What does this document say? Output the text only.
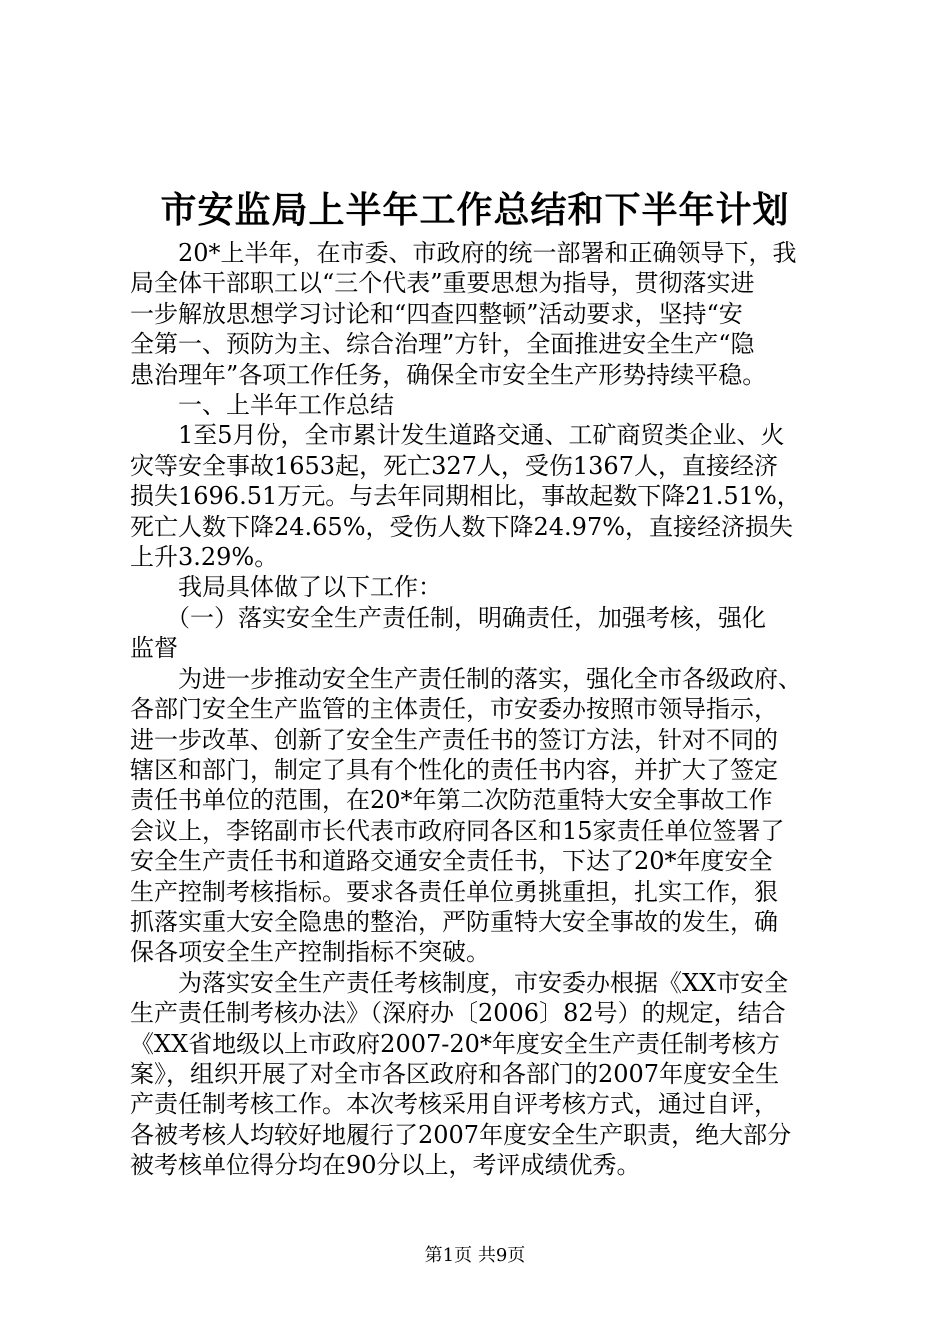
市安监局上半年工作总结和下半年计划

　　20*上半年，在市委、市政府的统一部署和正确领导下，我
局全体干部职工以“三个代表”重要思想为指导，贯彻落实进
一步解放思想学习讨论和“四查四整顿”活动要求，坚持“安
全第一、预防为主、综合治理”方针，全面推进安全生产“隐
患治理年”各项工作任务，确保全市安全生产形势持续平稳。
　　一、上半年工作总结
　　1至5月份，全市累计发生道路交通、工矿商贸类企业、火
灾等安全事故1653起，死亡327人，受伤1367人，直接经济
损失1696.51万元。与去年同期相比，事故起数下降21.51%，
死亡人数下降24.65%，受伤人数下降24.97%，直接经济损失
上升3.29%。
　　我局具体做了以下工作：
　　（一）落实安全生产责任制，明确责任，加强考核，强化
监督
　　为进一步推动安全生产责任制的落实，强化全市各级政府、
各部门安全生产监管的主体责任，市安委办按照市领导指示，
进一步改革、创新了安全生产责任书的签订方法，针对不同的
辖区和部门，制定了具有个性化的责任书内容，并扩大了签定
责任书单位的范围，在20*年第二次防范重特大安全事故工作
会议上，李铭副市长代表市政府同各区和15家责任单位签署了
安全生产责任书和道路交通安全责任书，下达了20*年度安全
生产控制考核指标。要求各责任单位勇挑重担，扎实工作，狠
抓落实重大安全隐患的整治，严防重特大安全事故的发生，确
保各项安全生产控制指标不突破。
　　为落实安全生产责任考核制度，市安委办根据《XX市安全
生产责任制考核办法》（深府办〔2006〕82号）的规定，结合
《XX省地级以上市政府2007-20*年度安全生产责任制考核方
案》，组织开展了对全市各区政府和各部门的2007年度安全生
产责任制考核工作。本次考核采用自评考核方式，通过自评，
各被考核人均较好地履行了2007年度安全生产职责，绝大部分
被考核单位得分均在90分以上，考评成绩优秀。

第1页 共9页
